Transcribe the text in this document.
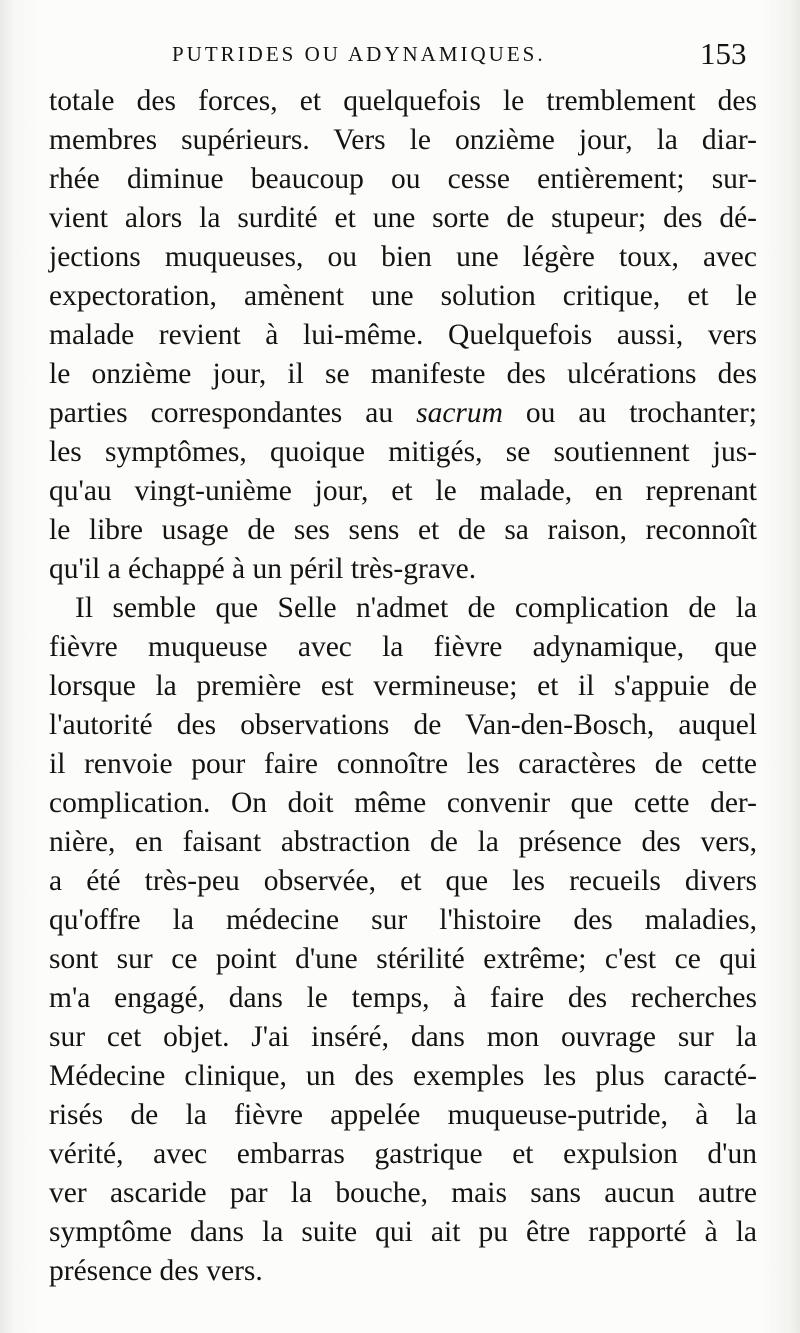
PUTRIDES OU ADYNAMIQUES.	153
totale des forces, et quelquefois le tremblement des
membres supérieurs. Vers le onzième jour, la diar-
rhée diminue beaucoup ou cesse entièrement; sur-
vient alors la surdité et une sorte de stupeur; des dé-
jections muqueuses, ou bien une légère toux, avec
expectoration, amènent une solution critique, et le
malade revient à lui-même. Quelquefois aussi, vers
le onzième jour, il se manifeste des ulcérations des
parties correspondantes au sacrum ou au trochanter;
les symptômes, quoique mitigés, se soutiennent jus-
qu'au vingt-unième jour, et le malade, en reprenant
le libre usage de ses sens et de sa raison, reconnoît
qu'il a échappé à un péril très-grave.
Il semble que Selle n'admet de complication de la
fièvre muqueuse avec la fièvre adynamique, que
lorsque la première est vermineuse; et il s'appuie de
l'autorité des observations de Van-den-Bosch, auquel
il renvoie pour faire connoître les caractères de cette
complication. On doit même convenir que cette der-
nière, en faisant abstraction de la présence des vers,
a été très-peu observée, et que les recueils divers
qu'offre la médecine sur l'histoire des maladies,
sont sur ce point d'une stérilité extrême; c'est ce qui
m'a engagé, dans le temps, à faire des recherches
sur cet objet. J'ai inséré, dans mon ouvrage sur la
Médecine clinique, un des exemples les plus caracté-
risés de la fièvre appelée muqueuse-putride, à la
vérité, avec embarras gastrique et expulsion d'un
ver ascaride par la bouche, mais sans aucun autre
symptôme dans la suite qui ait pu être rapporté à la
présence des vers.
